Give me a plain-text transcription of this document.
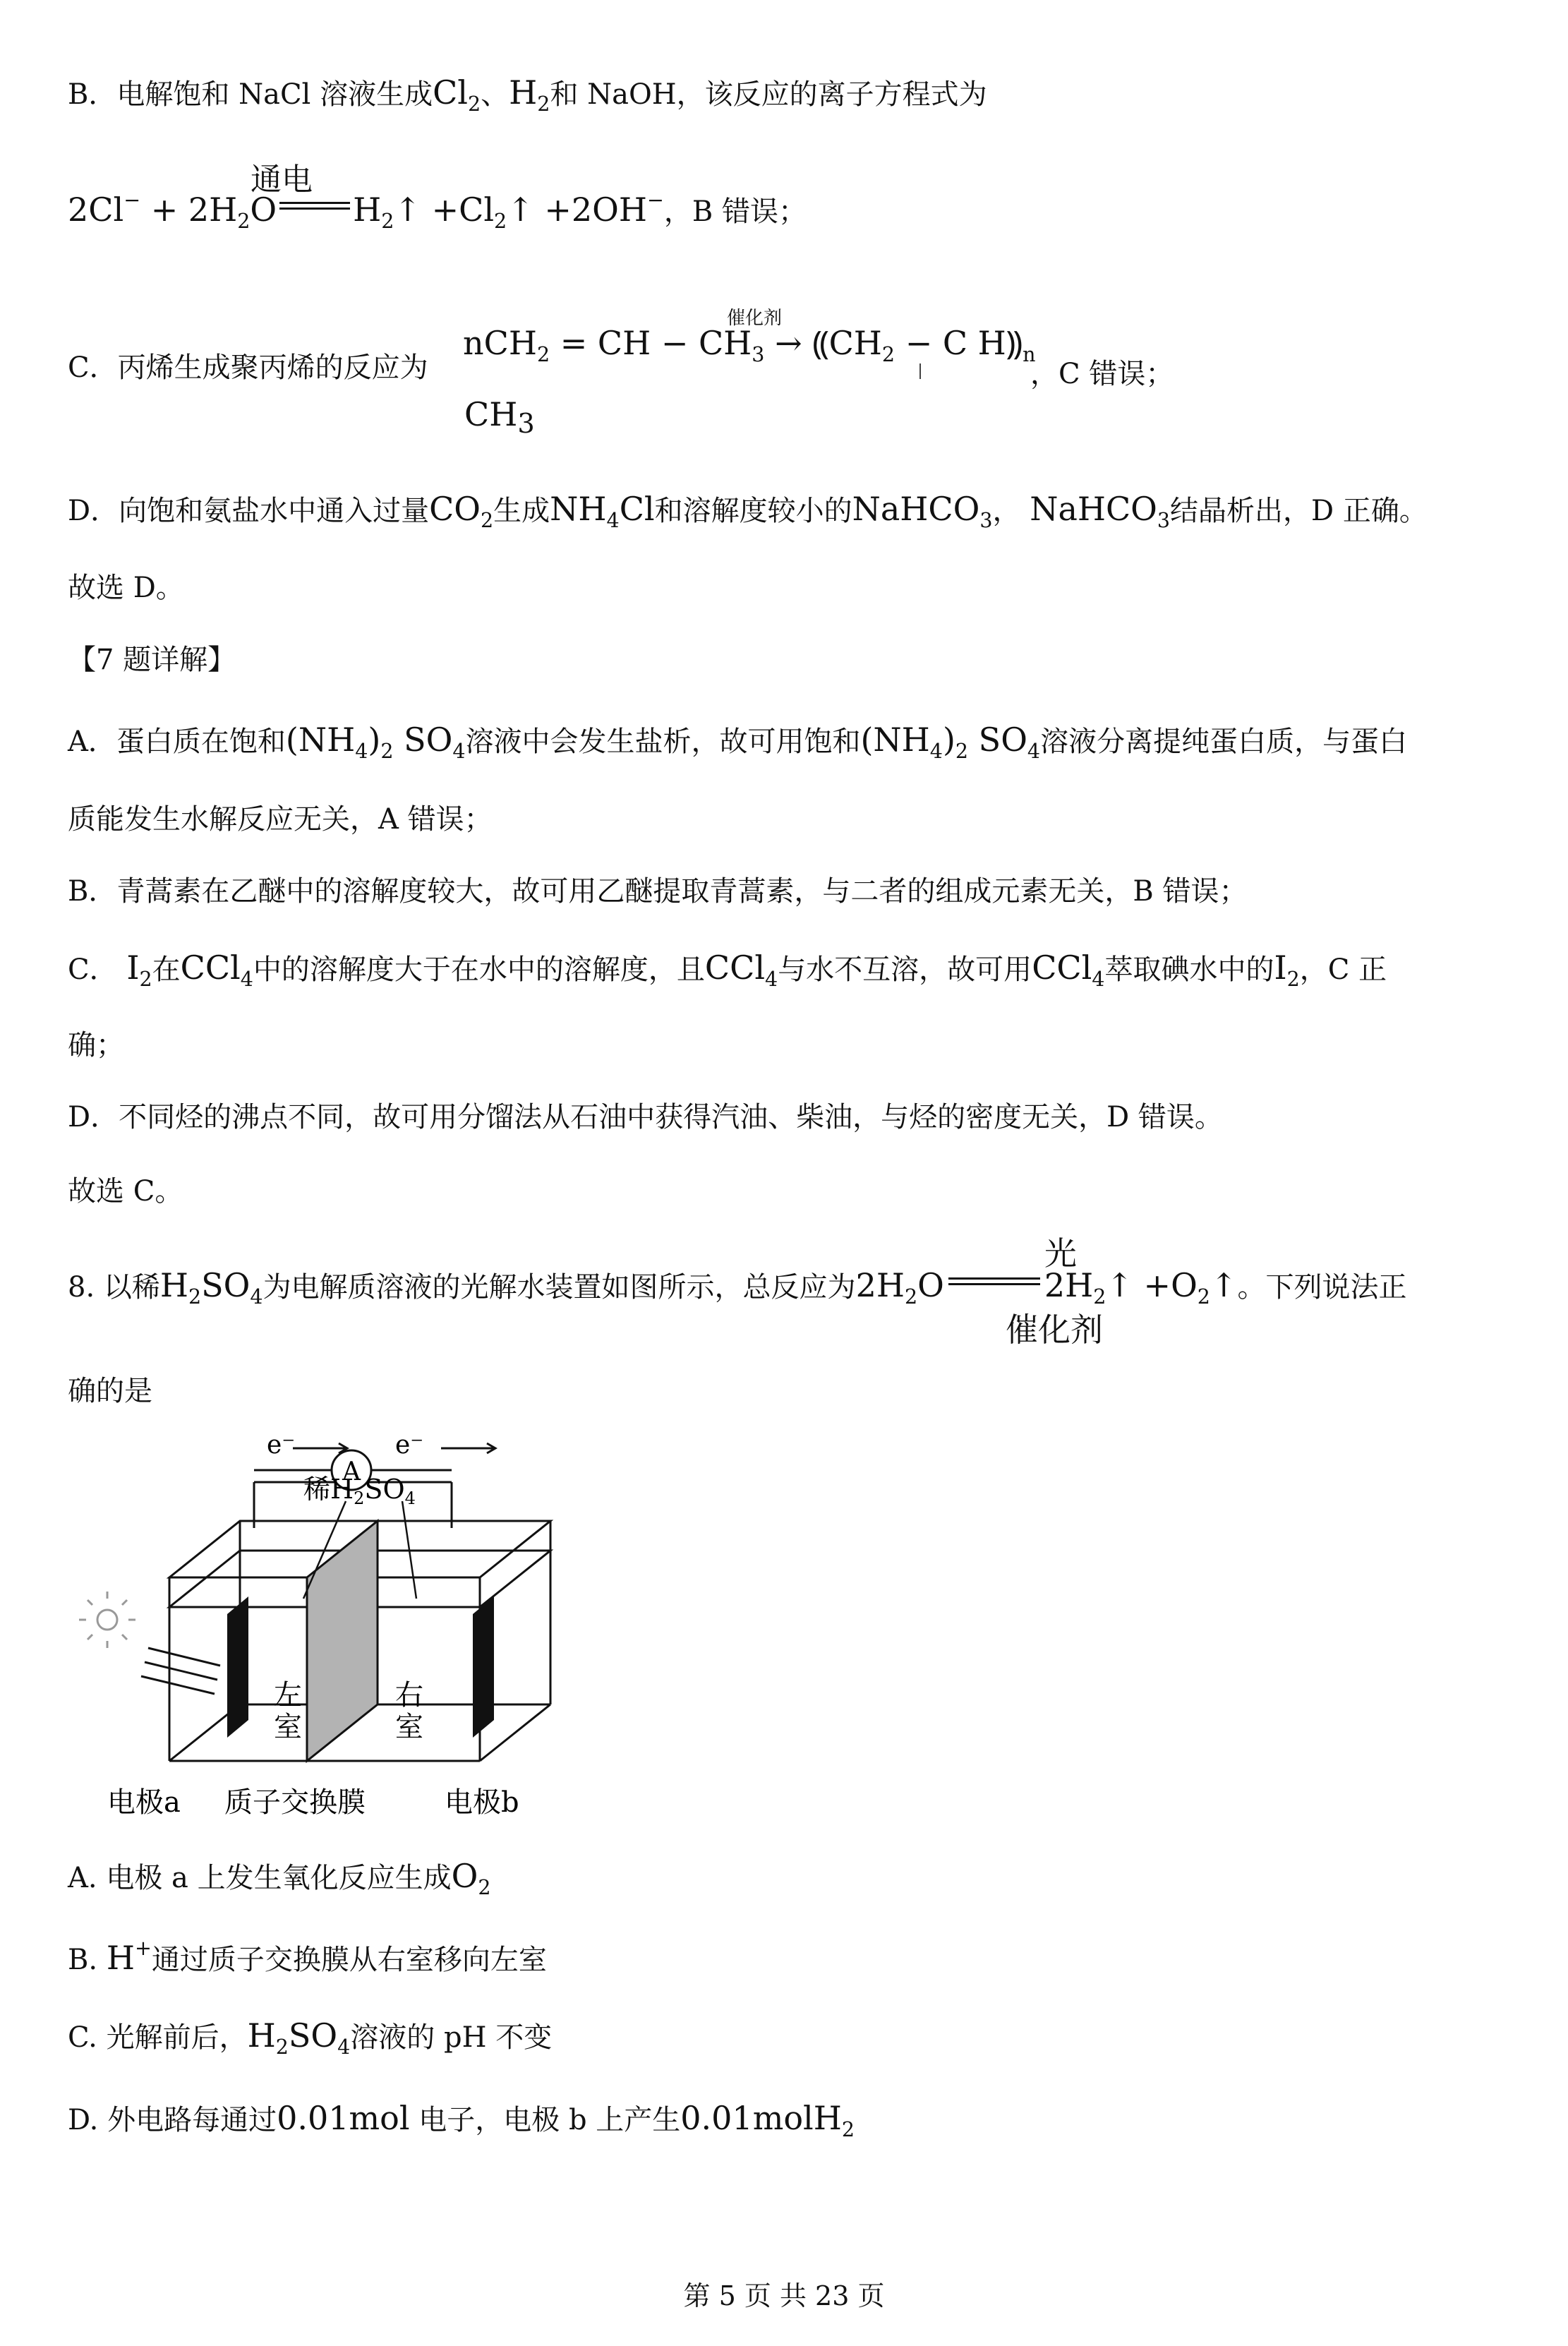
B．电解饱和 NaCl 溶液生成$Cl_2$、$H_2$和 NaOH，该反应的离子方程式为
通电
$2Cl^- + 2H_2O$ $H_2↑$ $+Cl_2↑ +2OH^-$，B 错误；
催化剂
C．丙烯生成聚丙烯的反应为
nCH$_2$ = CH − $CH_3$ → $⸨CH_2 - C$ $H⸩_n$
，C 错误；
$CH_3$
D．向饱和氨盐水中通入过量$CO_2$生成$NH_4Cl$和溶解度较小的NaHCO$_3$， NaHCO$_3$结晶析出，D 正确。
故选 D。
【7 题详解】
A．蛋白质在饱和$(NH_4)_2$ $SO_4$溶液中会发生盐析，故可用饱和$(NH_4)_2$ $SO_4$溶液分离提纯蛋白质，与蛋白
质能发生水解反应无关，A 错误；
B．青蒿素在乙醚中的溶解度较大，故可用乙醚提取青蒿素，与二者的组成元素无关，B 错误；
C． $I_2$在CCl$_4$中的溶解度大于在水中的溶解度，且CCl$_4$与水不互溶，故可用CCl$_4$萃取碘水中的$I_2$，C 正
确；
D．不同烃的沸点不同，故可用分馏法从石油中获得汽油、柴油，与烃的密度无关，D 错误。
故选 C。
光
8. 以稀$H_2SO_4$为电解质溶液的光解水装置如图所示，总反应为$2H_2O$	$2H_2↑$ $+O_2↑$。下列说法正
催化剂
确的是
e⁻	e⁻
A
稀$H_2SO_4$
左
室
右
室
电极a 质子交换膜	电极b
A. 电极 a 上发生氧化反应生成$O_2$
B. H+通过质子交换膜从右室移向左室
C. 光解前后，$H_2SO_4$溶液的 pH 不变
D. 外电路每通过0.01mol 电子，电极 b 上产生0.01molH$_2$
第 5 页 共 23 页
